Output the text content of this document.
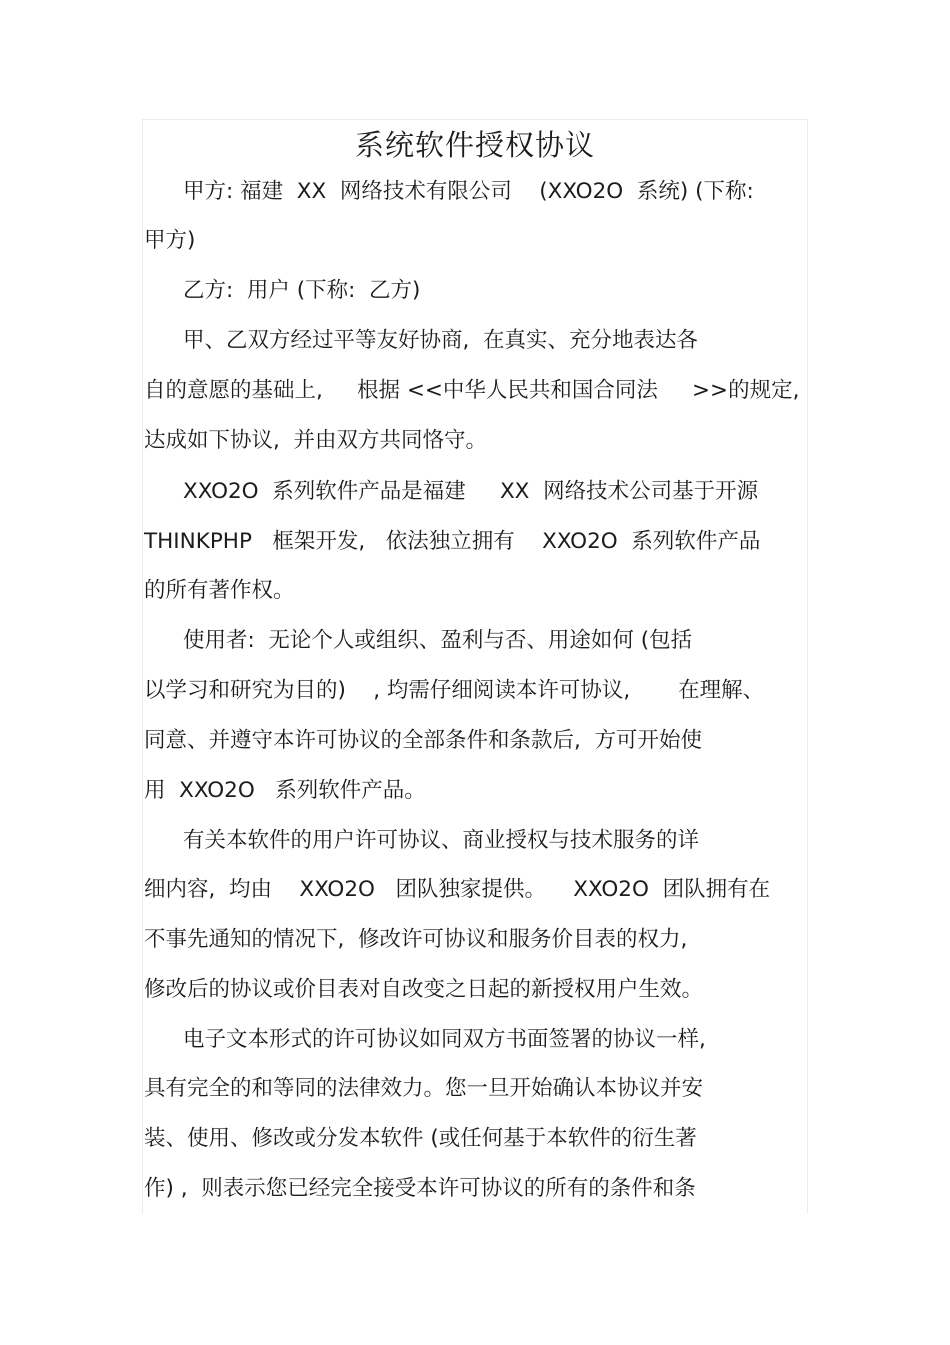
系统软件授权协议

甲方: 福建  XX  网络技术有限公司    (XXO2O  系统) (下称:

甲方)

乙方:  用户 (下称:  乙方)

甲、乙双方经过平等友好协商,  在真实、充分地表达各

自的意愿的基础上,     根据 <<中华人民共和国合同法     >>的规定,

达成如下协议,  并由双方共同恪守。

XXO2O  系列软件产品是福建     XX  网络技术公司基于开源

THINKPHP   框架开发,   依法独立拥有    XXO2O  系列软件产品

的所有著作权。

使用者:  无论个人或组织、盈利与否、用途如何 (包括

以学习和研究为目的)    , 均需仔细阅读本许可协议,       在理解、

同意、并遵守本许可协议的全部条件和条款后,  方可开始使

用  XXO2O   系列软件产品。

有关本软件的用户许可协议、商业授权与技术服务的详

细内容,  均由    XXO2O   团队独家提供。    XXO2O  团队拥有在

不事先通知的情况下,  修改许可协议和服务价目表的权力,

修改后的协议或价目表对自改变之日起的新授权用户生效。

电子文本形式的许可协议如同双方书面签署的协议一样,

具有完全的和等同的法律效力。您一旦开始确认本协议并安

装、使用、修改或分发本软件 (或任何基于本软件的衍生著

作) ,  则表示您已经完全接受本许可协议的所有的条件和条
